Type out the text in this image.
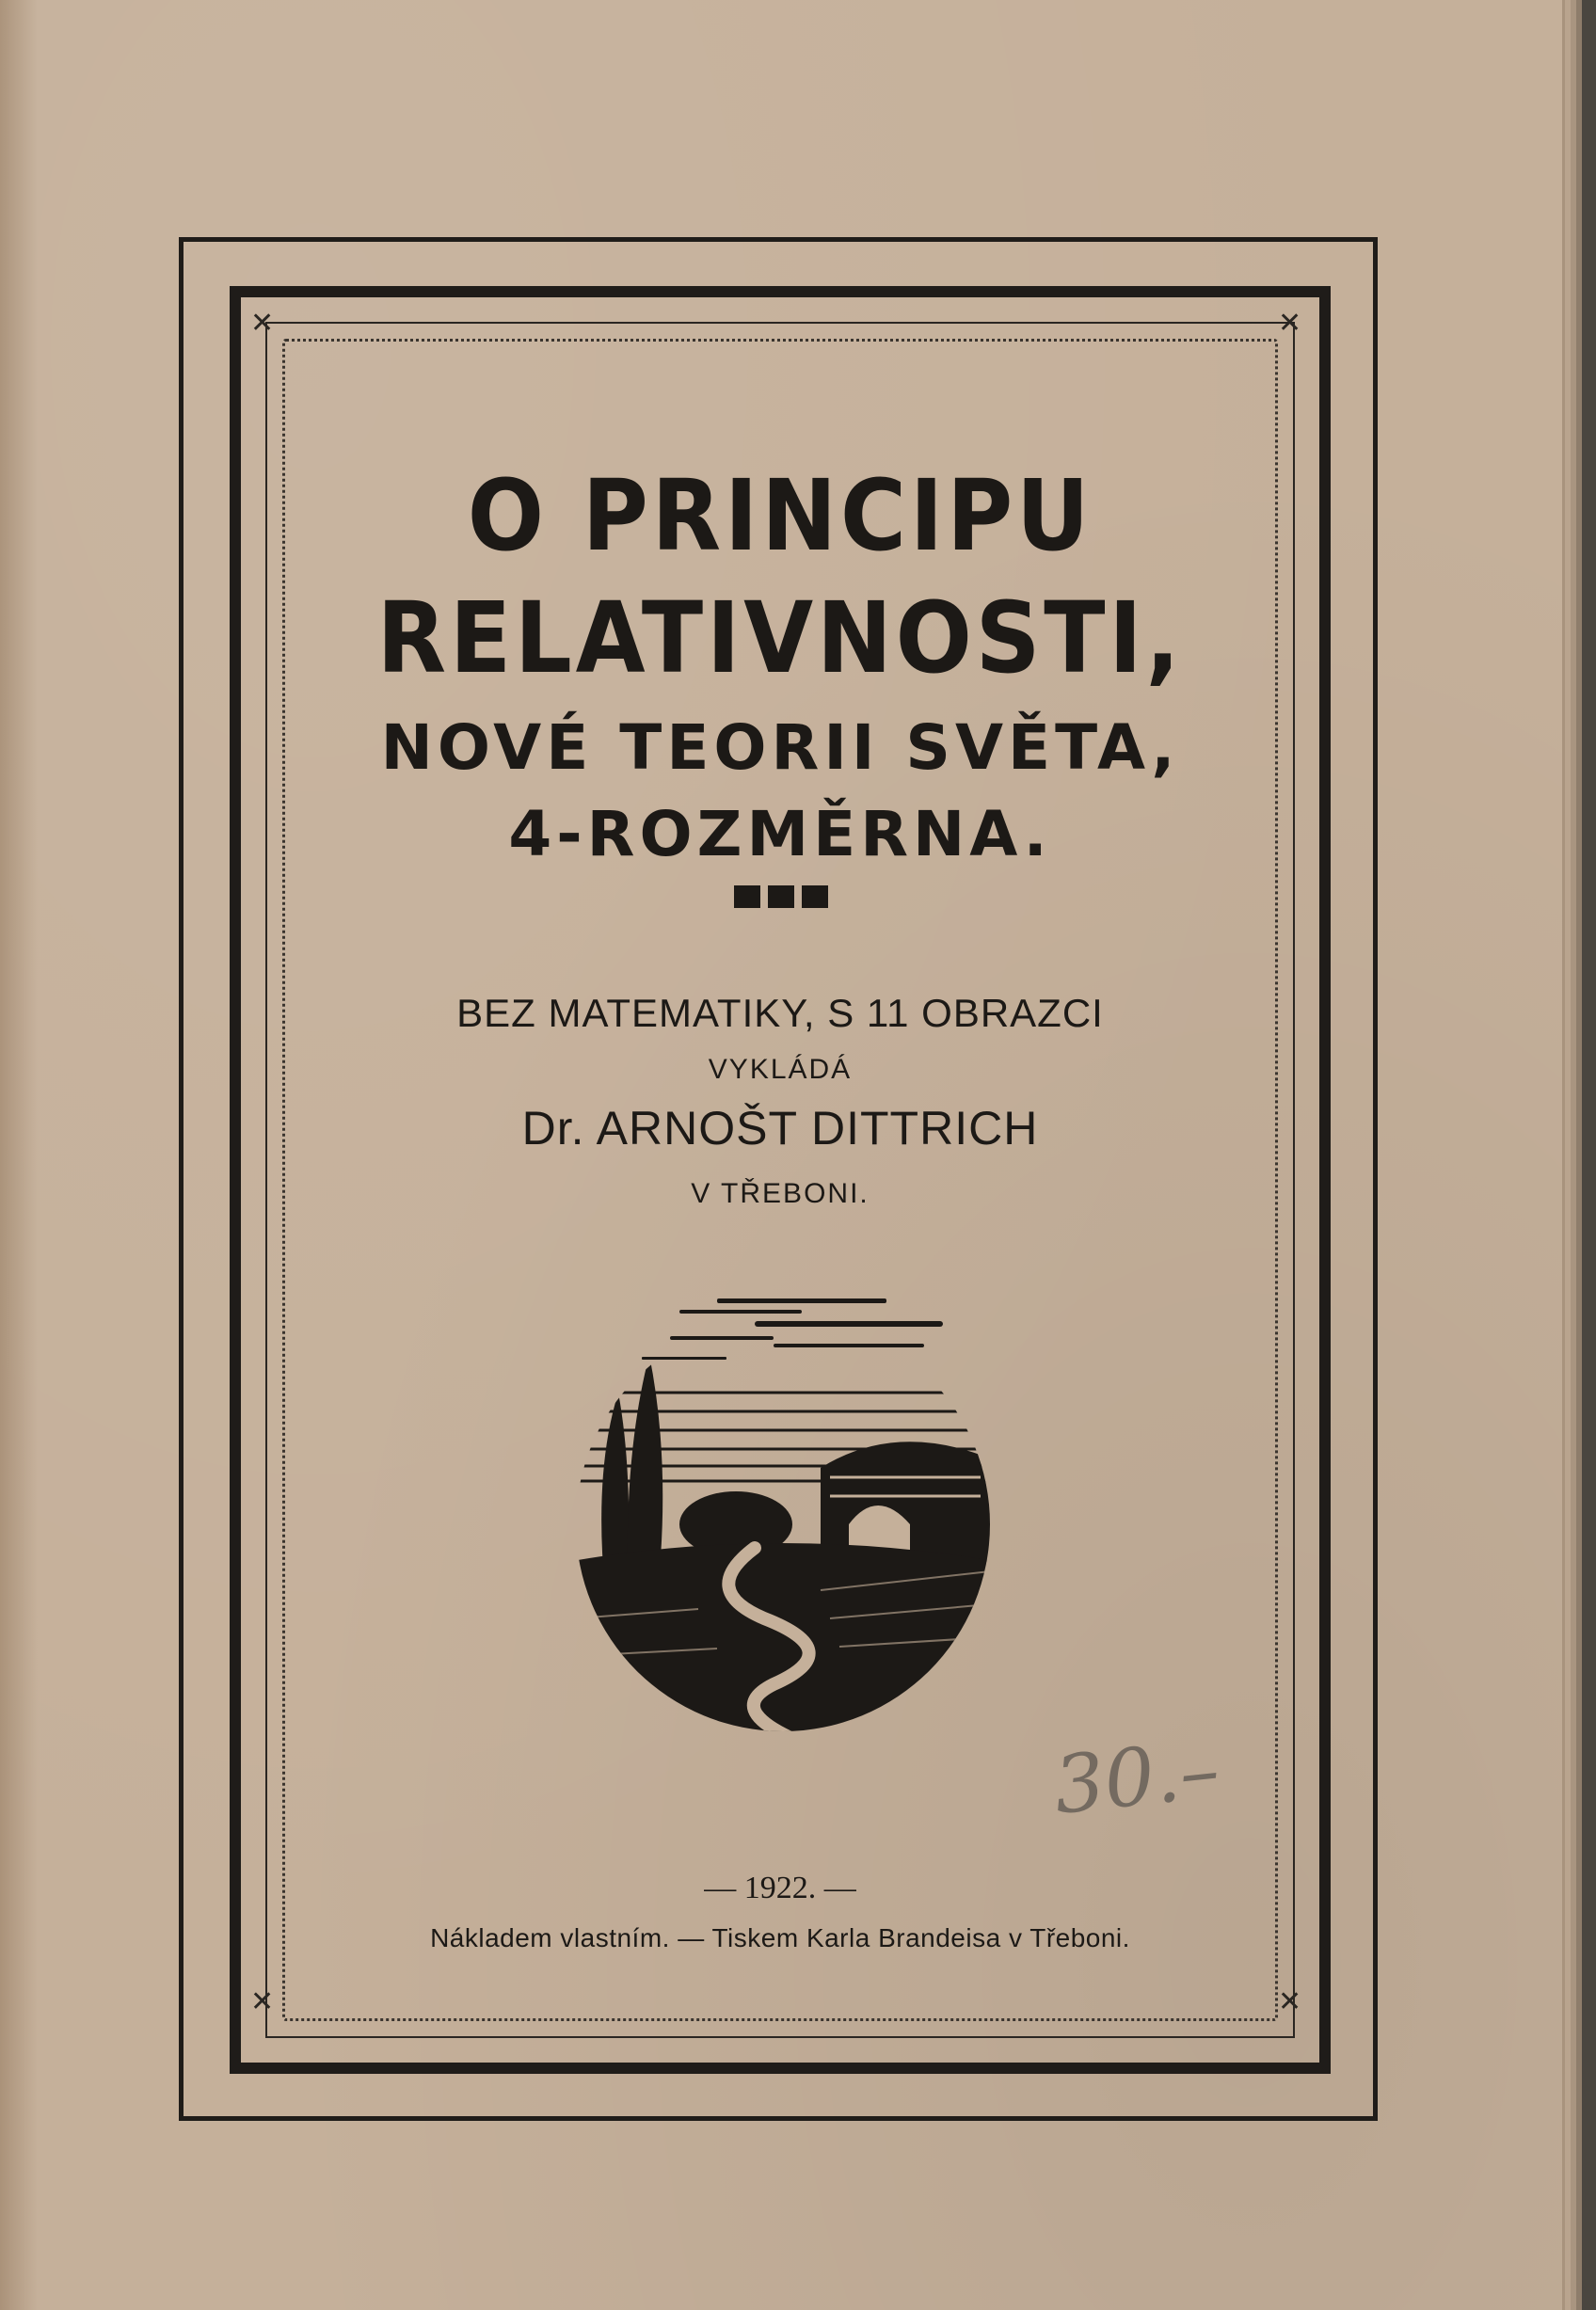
✕	✕
✕	✕
O PRINCIPU
RELATIVNOSTI,
NOVÉ TEORII SVĚTA,
4-ROZMĚRNA.
BEZ MATEMATIKY, S 11 OBRAZCI
VYKLÁDÁ
Dr. ARNOŠT DITTRICH
V TŘEBONI.
30.–
— 1922. —
Nákladem vlastním. — Tiskem Karla Brandeisa v Třeboni.
